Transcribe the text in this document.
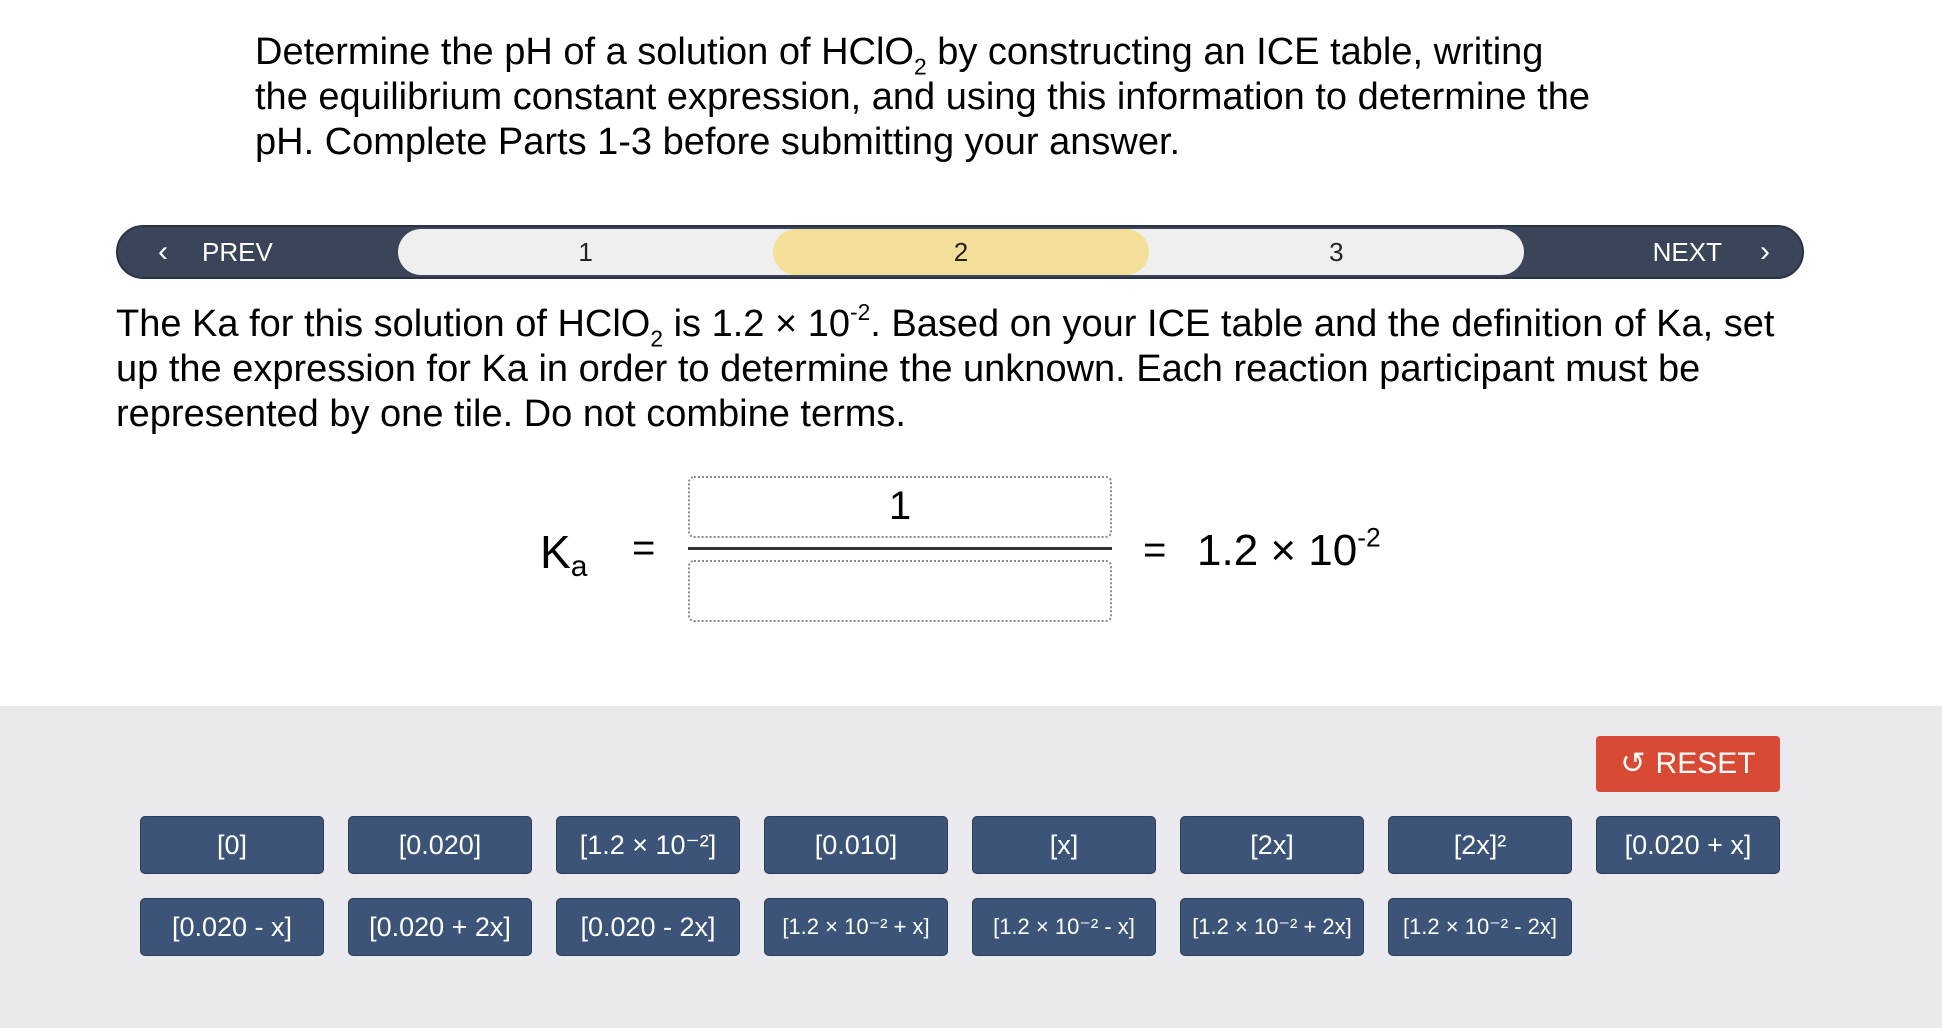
Determine the pH of a solution of HClO$_2$ by constructing an ICE table, writing
the equilibrium constant expression, and using this information to determine the
pH. Complete Parts 1-3 before submitting your answer.
‹ PREV	1	2	3	NEXT ›
The Ka for this solution of HClO$_2$ is $1.2 \times 10^{-2}$. Based on your ICE table and the definition of Ka, set up the expression for Ka in order to determine the unknown. Each reaction participant must be represented by one tile. Do not combine terms.
Ka =
1
= $1.2 \times 10^{-2}$
↺ RESET
[0]	[0.020]	[1.2 × 10⁻²]	[0.010]	[x]	[2x]	[2x]²	[0.020 + x]
[0.020 - x]	[0.020 + 2x]	[0.020 - 2x]	[1.2 × 10⁻² + x]	[1.2 × 10⁻² - x]	[1.2 × 10⁻² + 2x]	[1.2 × 10⁻² - 2x]
